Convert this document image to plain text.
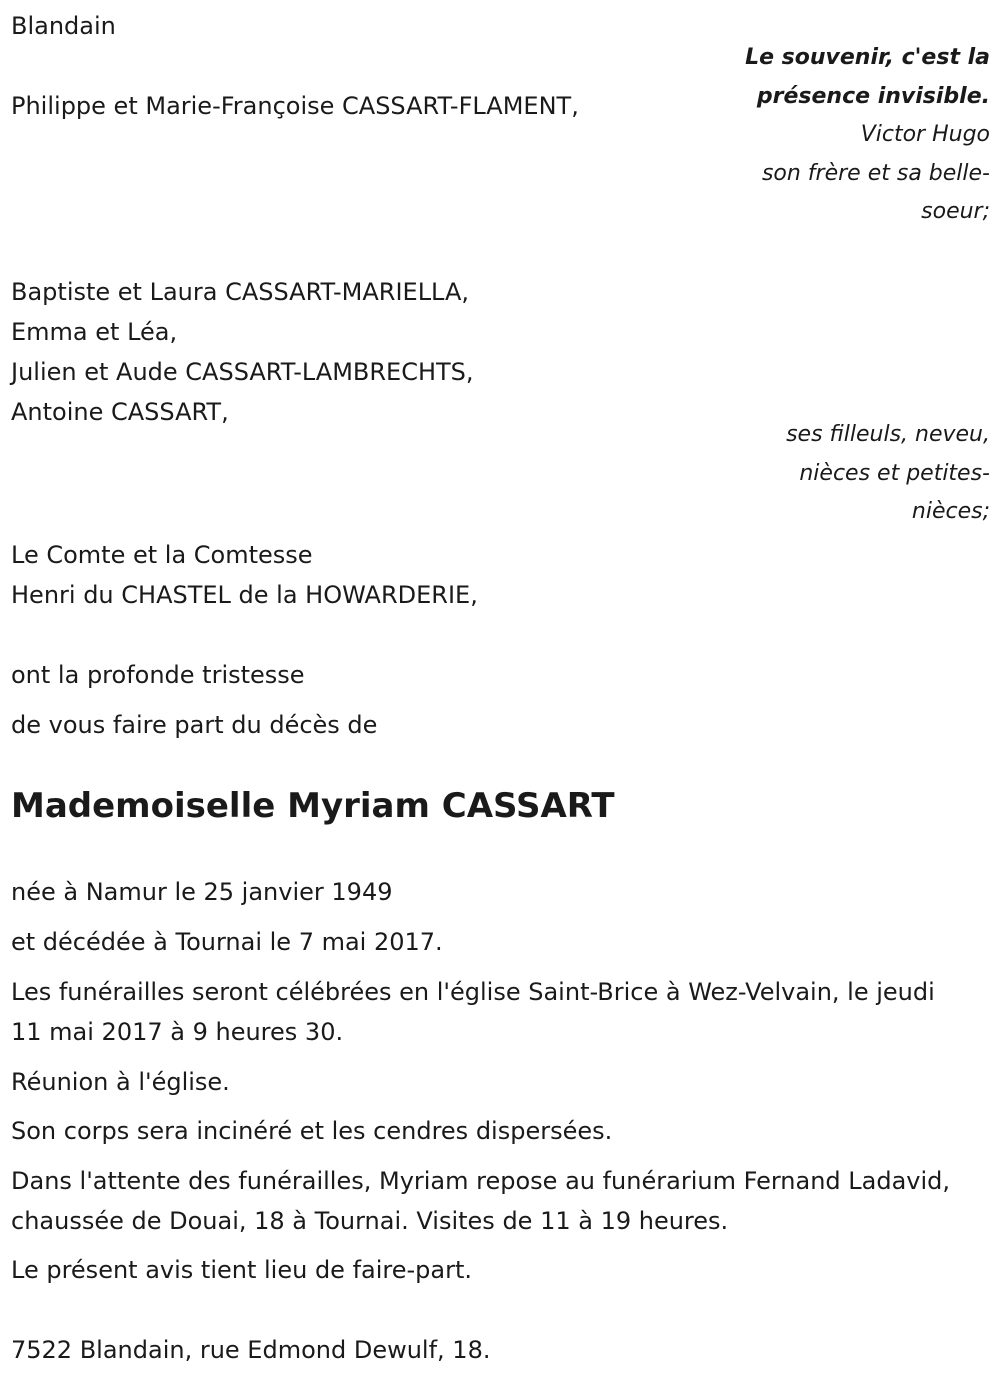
Blandain
Le souvenir, c'est la présence invisible.
Victor Hugo
son frère et sa belle-soeur;
Philippe et Marie-Françoise CASSART-FLAMENT,
Baptiste et Laura CASSART-MARIELLA,
Emma et Léa,
Julien et Aude CASSART-LAMBRECHTS,
Antoine CASSART,
ses filleuls, neveu, nièces et petites-nièces;
Le Comte et la Comtesse
Henri du CHASTEL de la HOWARDERIE,
ont la profonde tristesse
de vous faire part du décès de
Mademoiselle Myriam CASSART
née à Namur le 25 janvier 1949
et décédée à Tournai le 7 mai 2017.
Les funérailles seront célébrées en l'église Saint-Brice à Wez-Velvain, le jeudi 11 mai 2017 à 9 heures 30.
Réunion à l'église.
Son corps sera incinéré et les cendres dispersées.
Dans l'attente des funérailles, Myriam repose au funérarium Fernand Ladavid, chaussée de Douai, 18 à Tournai. Visites de 11 à 19 heures.
Le présent avis tient lieu de faire-part.
7522 Blandain, rue Edmond Dewulf, 18.
